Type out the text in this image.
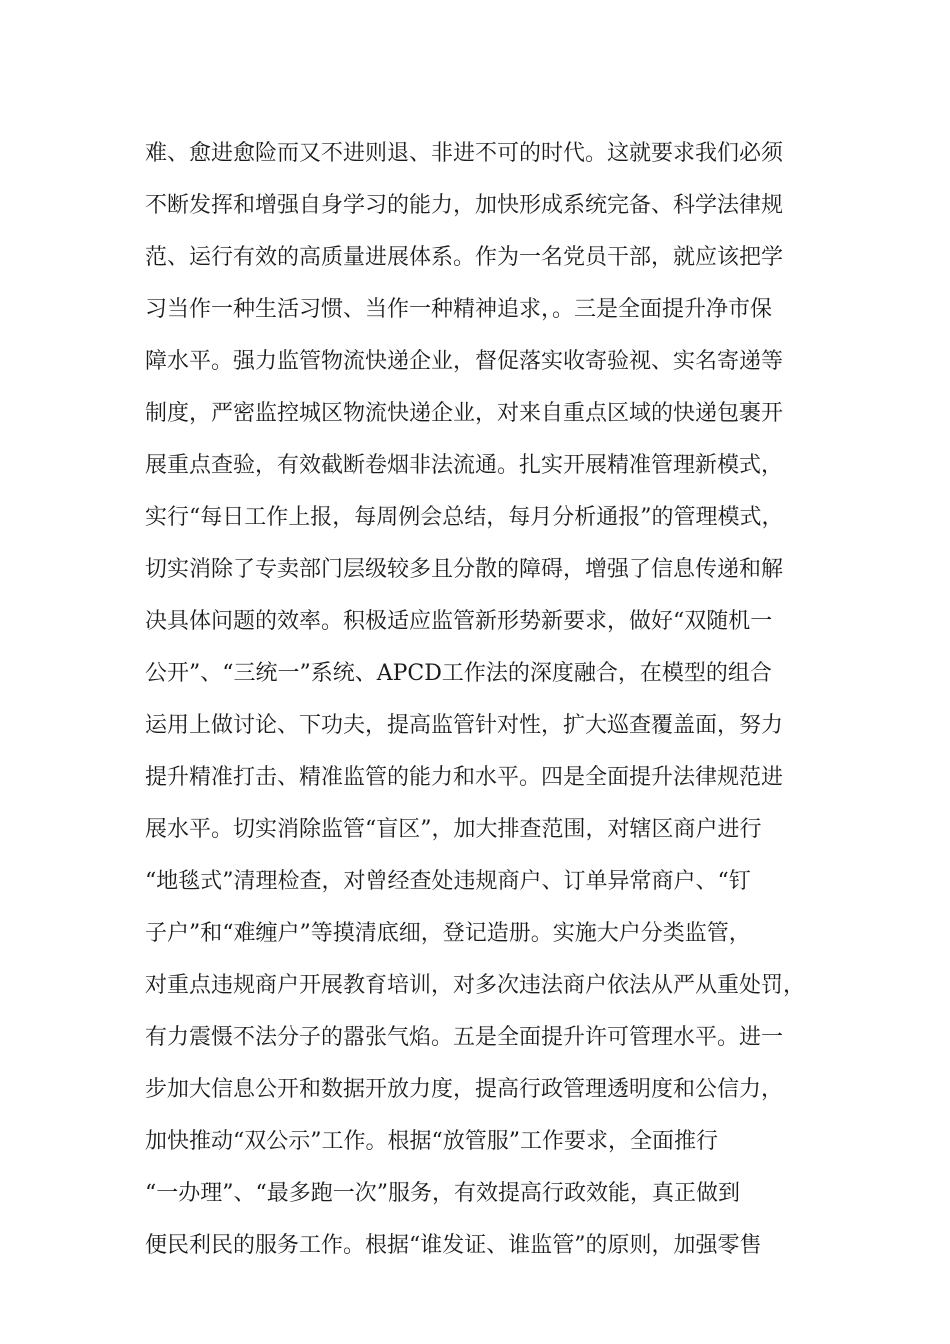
难、愈进愈险而又不进则退、非进不可的时代。这就要求我们必须
不断发挥和增强自身学习的能力，加快形成系统完备、科学法律规
范、运行有效的高质量进展体系。作为一名党员干部，就应该把学
习当作一种生活习惯、当作一种精神追求，。三是全面提升净市保
障水平。强力监管物流快递企业，督促落实收寄验视、实名寄递等
制度，严密监控城区物流快递企业，对来自重点区域的快递包裹开
展重点查验，有效截断卷烟非法流通。扎实开展精准管理新模式，
实行“每日工作上报，每周例会总结，每月分析通报”的管理模式，
切实消除了专卖部门层级较多且分散的障碍，增强了信息传递和解
决具体问题的效率。积极适应监管新形势新要求，做好“双随机一
公开”、“三统一”系统、APCD工作法的深度融合，在模型的组合
运用上做讨论、下功夫，提高监管针对性，扩大巡查覆盖面，努力
提升精准打击、精准监管的能力和水平。四是全面提升法律规范进
展水平。切实消除监管“盲区”，加大排查范围，对辖区商户进行
“地毯式”清理检查，对曾经查处违规商户、订单异常商户、“钉
子户”和“难缠户”等摸清底细，登记造册。实施大户分类监管，
对重点违规商户开展教育培训，对多次违法商户依法从严从重处罚，
有力震慑不法分子的嚣张气焰。五是全面提升许可管理水平。进一
步加大信息公开和数据开放力度，提高行政管理透明度和公信力，
加快推动“双公示”工作。根据“放管服”工作要求，全面推行
“一办理”、“最多跑一次”服务，有效提高行政效能，真正做到
便民利民的服务工作。根据“谁发证、谁监管”的原则，加强零售
